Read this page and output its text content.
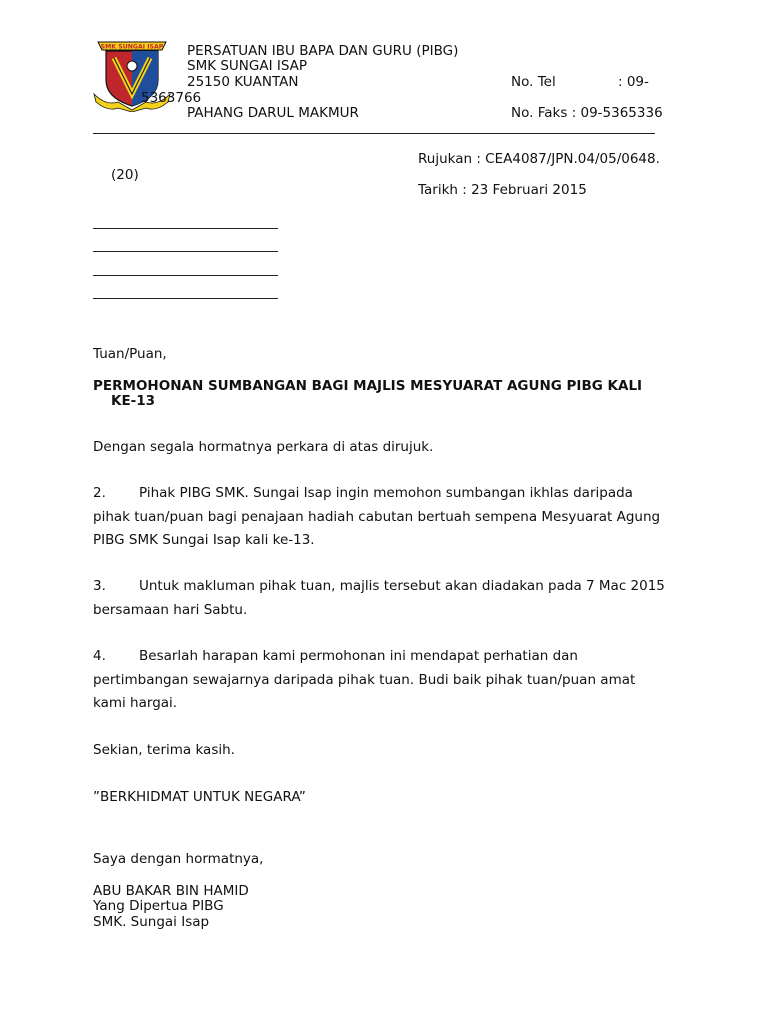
SMK SUNGAI ISAP PERSATUAN IBU BAPA DAN GURU (PIBG)
SMK SUNGAI ISAP
25150 KUANTAN	No. Tel	: 09-
5363766
PAHANG DARUL MAKMUR	No. Faks : 09-5365336
Rujukan : CEA4087/JPN.04/05/0648.
(20)
Tarikh : 23 Februari 2015
Tuan/Puan,
PERMOHONAN SUMBANGAN BAGI MAJLIS MESYUARAT AGUNG PIBG KALI
KE-13
Dengan segala hormatnya perkara di atas dirujuk.
2. Pihak PIBG SMK. Sungai Isap ingin memohon sumbangan ikhlas daripada pihak tuan/puan bagi penajaan hadiah cabutan bertuah sempena Mesyuarat Agung PIBG SMK Sungai Isap kali ke-13.
3. Untuk makluman pihak tuan, majlis tersebut akan diadakan pada 7 Mac 2015 bersamaan hari Sabtu.
4. Besarlah harapan kami permohonan ini mendapat perhatian dan pertimbangan sewajarnya daripada pihak tuan. Budi baik pihak tuan/puan amat kami hargai.
Sekian, terima kasih.
”BERKHIDMAT UNTUK NEGARA”
Saya dengan hormatnya,
ABU BAKAR BIN HAMID
Yang Dipertua PIBG
SMK. Sungai Isap
